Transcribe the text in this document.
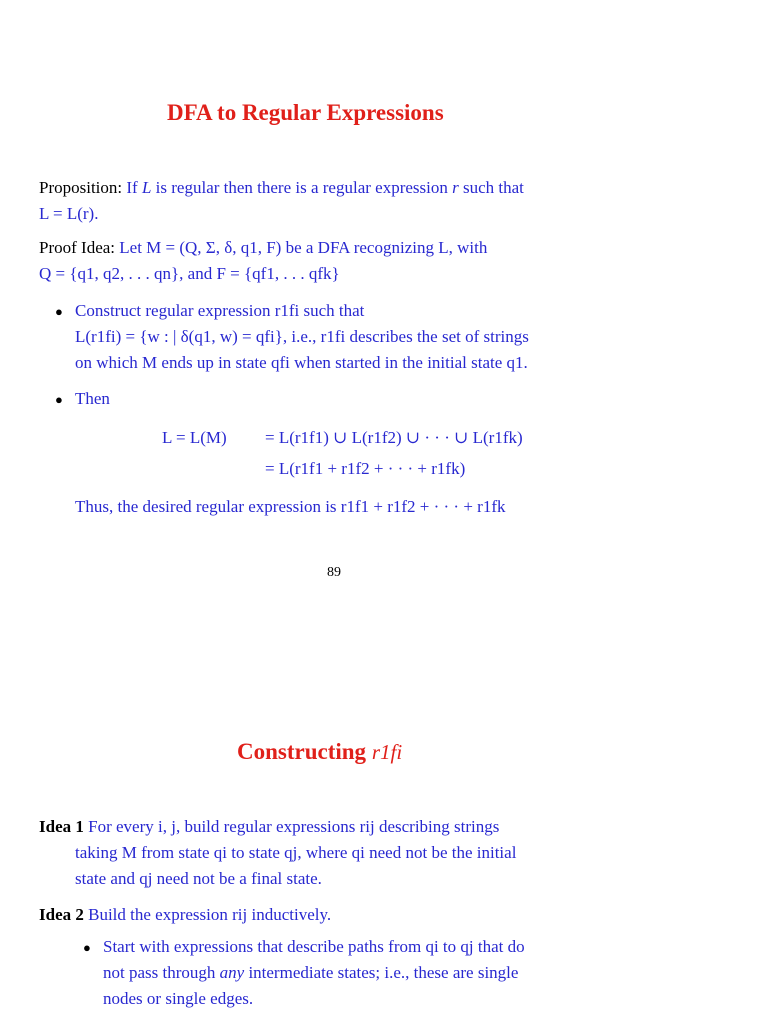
DFA to Regular Expressions
Proposition: If L is regular then there is a regular expression r such that
L = L(r).
Proof Idea: Let M = (Q, Σ, δ, q1, F) be a DFA recognizing L, with
Q = {q1, q2, . . . qn}, and F = {qf1, . . . qfk}
● Construct regular expression r1fi such that
L(r1fi) = {w : | δ(q1, w) = qfi}, i.e., r1fi describes the set of strings
on which M ends up in state qfi when started in the initial state q1.
● Then
L = L(M) = L(r1f1) ∪ L(r1f2) ∪ · · · ∪ L(r1fk)
= L(r1f1 + r1f2 + · · · + r1fk)
Thus, the desired regular expression is r1f1 + r1f2 + · · · + r1fk
89
Constructing r1fi
Idea 1 For every i, j, build regular expressions rij describing strings
taking M from state qi to state qj, where qi need not be the initial
state and qj need not be a final state.
Idea 2 Build the expression rij inductively.
● Start with expressions that describe paths from qi to qj that do
not pass through any intermediate states; i.e., these are single
nodes or single edges.
